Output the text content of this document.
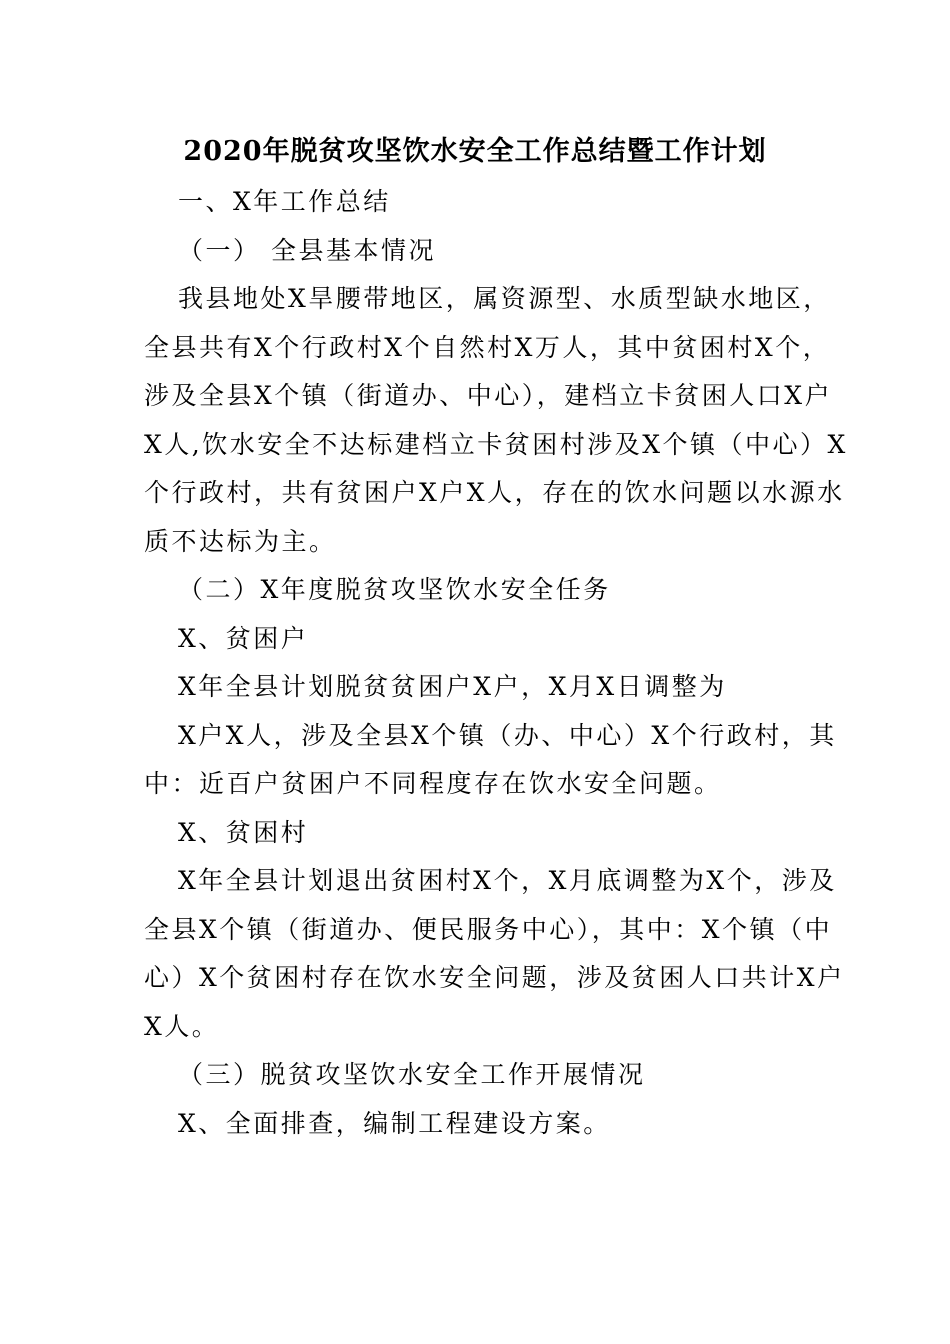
2020年脱贫攻坚饮水安全工作总结暨工作计划
一、X年工作总结
（一） 全县基本情况
我县地处X旱腰带地区，属资源型、水质型缺水地区，
全县共有X个行政村X个自然村X万人，其中贫困村X个，
涉及全县X个镇（街道办、中心），建档立卡贫困人口X户
X人,饮水安全不达标建档立卡贫困村涉及X个镇（中心）X
个行政村，共有贫困户X户X人，存在的饮水问题以水源水
质不达标为主。
（二）X年度脱贫攻坚饮水安全任务
X、贫困户
X年全县计划脱贫贫困户X户，X月X日调整为
X户X人，涉及全县X个镇（办、中心）X个行政村，其
中：近百户贫困户不同程度存在饮水安全问题。
X、贫困村
X年全县计划退出贫困村X个，X月底调整为X个，涉及
全县X个镇（街道办、便民服务中心），其中：X个镇（中
心）X个贫困村存在饮水安全问题，涉及贫困人口共计X户
X人。
（三）脱贫攻坚饮水安全工作开展情况
X、全面排查，编制工程建设方案。
